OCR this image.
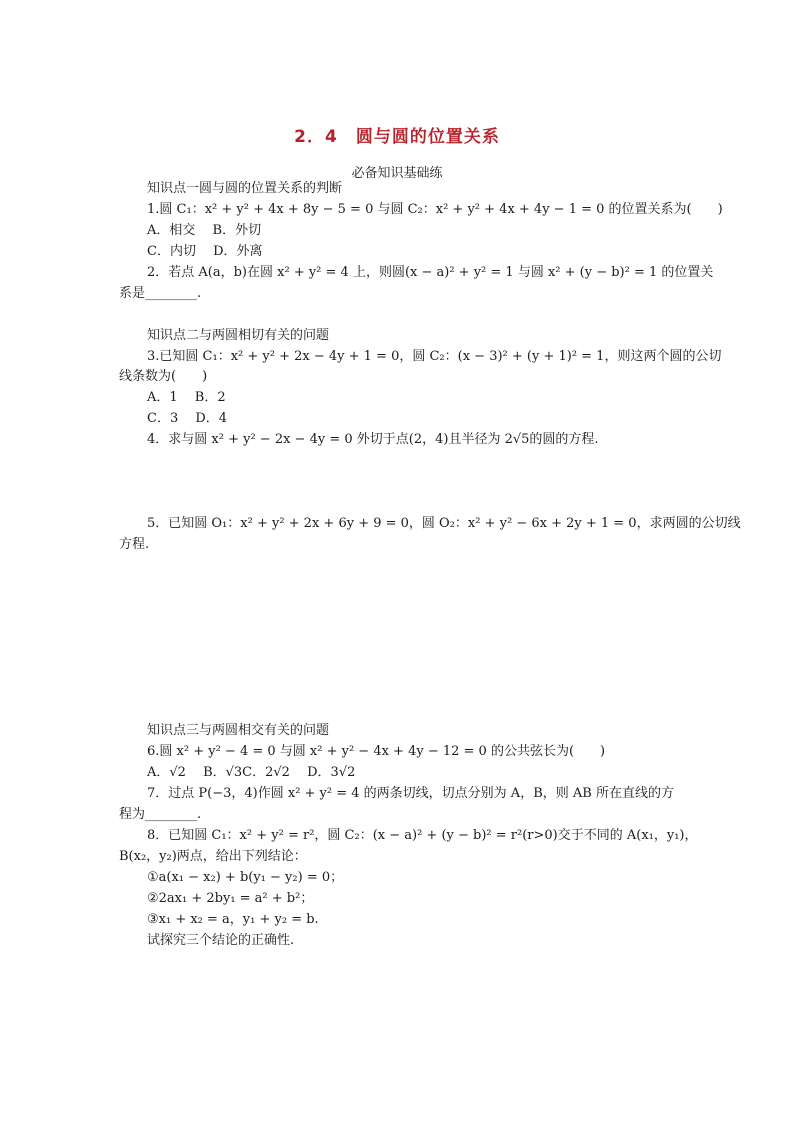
2．4　圆与圆的位置关系
必备知识基础练
知识点一圆与圆的位置关系的判断
1.圆 C₁：x² + y² + 4x + 8y − 5 = 0 与圆 C₂：x² + y² + 4x + 4y − 1 = 0 的位置关系为(　　)
A．相交　 B．外切
C．内切　 D．外离
2．若点 A(a，b)在圆 x² + y² = 4 上，则圆(x − a)² + y² = 1 与圆 x² + (y − b)² = 1 的位置关
系是________.
知识点二与两圆相切有关的问题
3.已知圆 C₁：x² + y² + 2x − 4y + 1 = 0，圆 C₂：(x − 3)² + (y + 1)² = 1，则这两个圆的公切
线条数为(　　)
A．1　 B．2
C．3　 D．4
4．求与圆 x² + y² − 2x − 4y = 0 外切于点(2，4)且半径为 2√5的圆的方程.
5．已知圆 O₁：x² + y² + 2x + 6y + 9 = 0，圆 O₂：x² + y² − 6x + 2y + 1 = 0，求两圆的公切线
方程.
知识点三与两圆相交有关的问题
6.圆 x² + y² − 4 = 0 与圆 x² + y² − 4x + 4y − 12 = 0 的公共弦长为(　　)
A．√2　 B．√3C．2√2　 D．3√2
7．过点 P(−3，4)作圆 x² + y² = 4 的两条切线，切点分别为 A，B，则 AB 所在直线的方
程为________.
8．已知圆 C₁：x² + y² = r²，圆 C₂：(x − a)² + (y − b)² = r²(r>0)交于不同的 A(x₁，y₁)，
B(x₂，y₂)两点，给出下列结论：
①a(x₁ − x₂) + b(y₁ − y₂) = 0；
②2ax₁ + 2by₁ = a² + b²；
③x₁ + x₂ = a，y₁ + y₂ = b.
试探究三个结论的正确性.
